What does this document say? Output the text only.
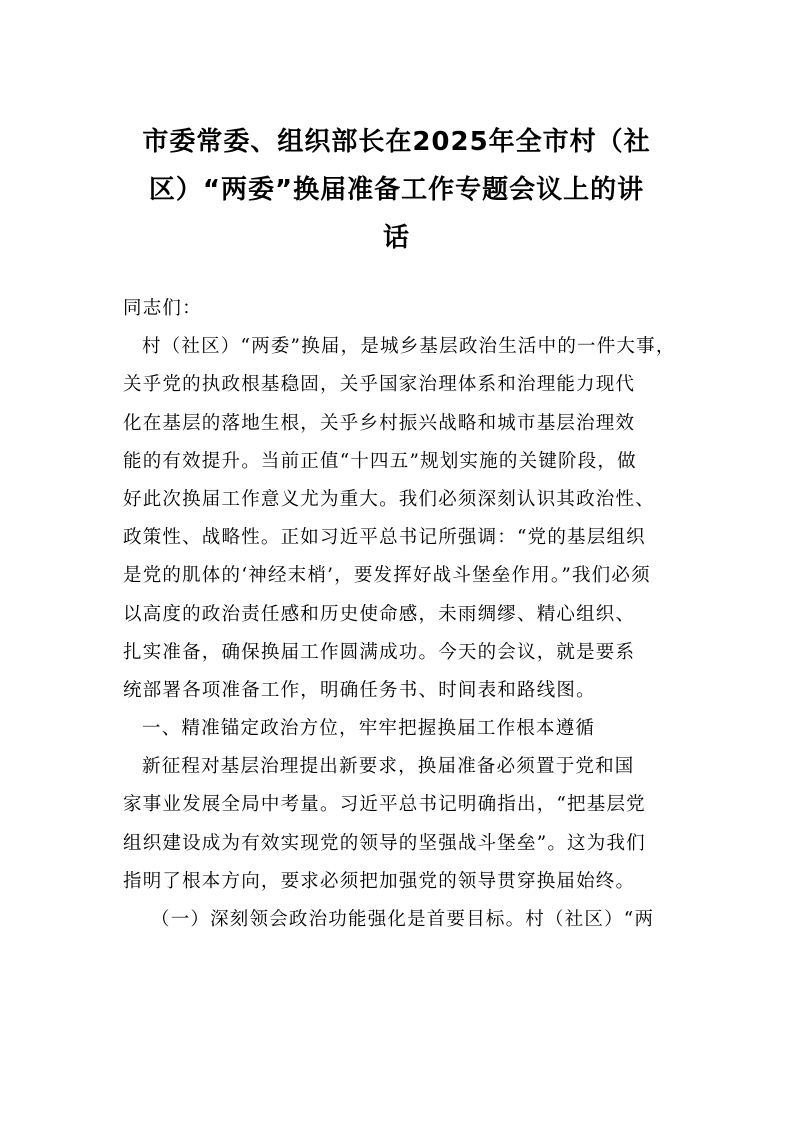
市委常委、组织部长在2025年全市村（社
区）“两委”换届准备工作专题会议上的讲
话
同志们：
村（社区）“两委”换届，是城乡基层政治生活中的一件大事，
关乎党的执政根基稳固，关乎国家治理体系和治理能力现代
化在基层的落地生根，关乎乡村振兴战略和城市基层治理效
能的有效提升。当前正值“十四五”规划实施的关键阶段，做
好此次换届工作意义尤为重大。我们必须深刻认识其政治性、
政策性、战略性。正如习近平总书记所强调：“党的基层组织
是党的肌体的‘神经末梢’，要发挥好战斗堡垒作用。”我们必须
以高度的政治责任感和历史使命感，未雨绸缪、精心组织、
扎实准备，确保换届工作圆满成功。今天的会议，就是要系
统部署各项准备工作，明确任务书、时间表和路线图。
一、精准锚定政治方位，牢牢把握换届工作根本遵循
新征程对基层治理提出新要求，换届准备必须置于党和国
家事业发展全局中考量。习近平总书记明确指出，“把基层党
组织建设成为有效实现党的领导的坚强战斗堡垒”。这为我们
指明了根本方向，要求必须把加强党的领导贯穿换届始终。
（一）深刻领会政治功能强化是首要目标。村（社区）“两
